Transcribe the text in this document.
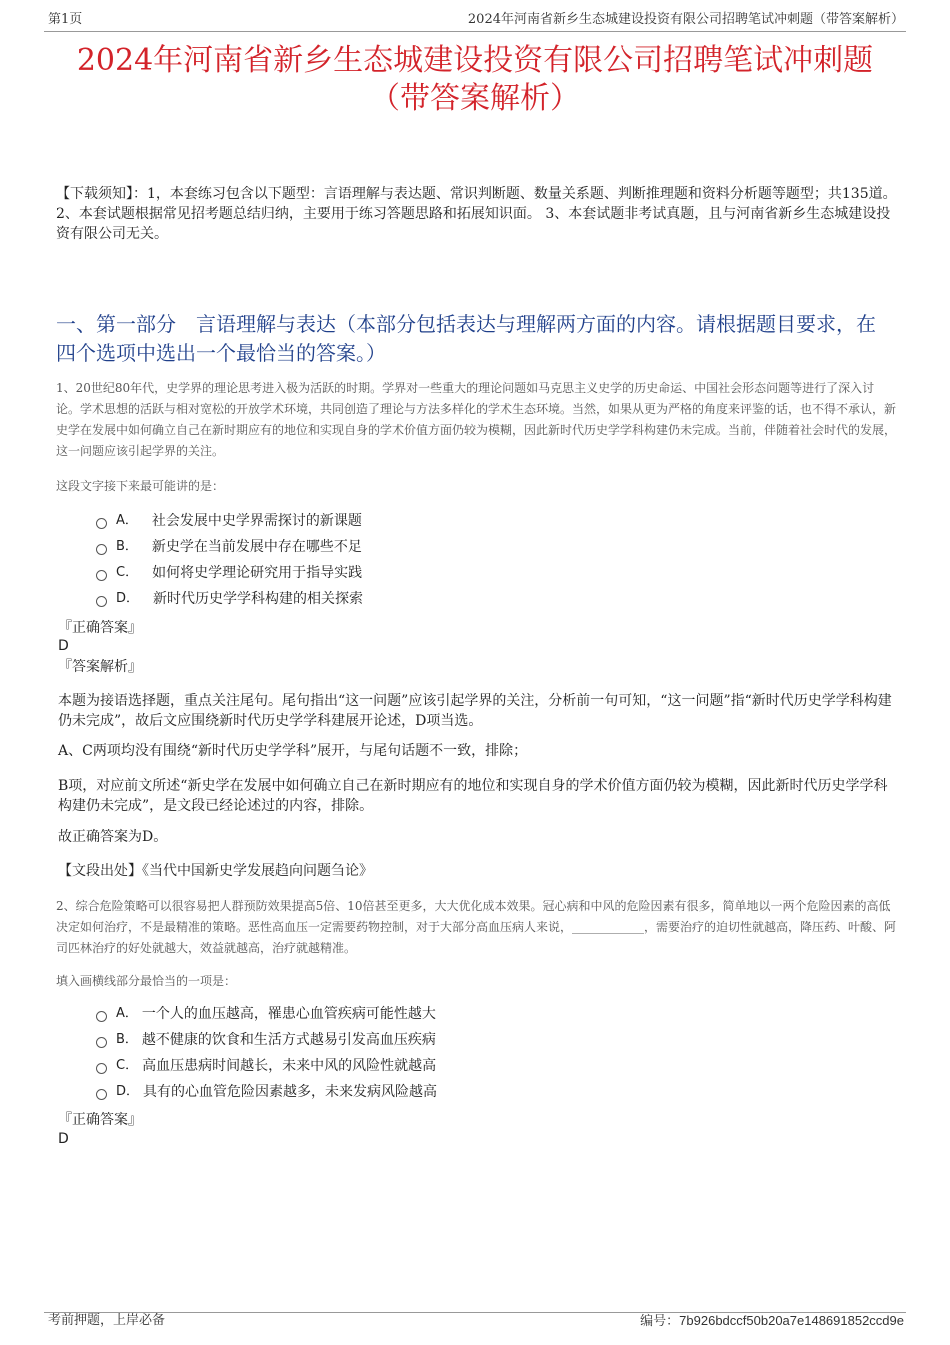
第1页	2024年河南省新乡生态城建设投资有限公司招聘笔试冲刺题（带答案解析）
2024年河南省新乡生态城建设投资有限公司招聘笔试冲刺题
（带答案解析）
【下载须知】：1，本套练习包含以下题型：言语理解与表达题、常识判断题、数量关系题、判断推理题和资料分析题等题型；共135道。 2、本套试题根据常见招考题总结归纳，主要用于练习答题思路和拓展知识面。 3、本套试题非考试真题，且与河南省新乡生态城建设投资有限公司无关。
一、第一部分　言语理解与表达（本部分包括表达与理解两方面的内容。请根据题目要求，在四个选项中选出一个最恰当的答案。）
1、20世纪80年代，史学界的理论思考进入极为活跃的时期。学界对一些重大的理论问题如马克思主义史学的历史命运、中国社会形态问题等进行了深入讨论。学术思想的活跃与相对宽松的开放学术环境，共同创造了理论与方法多样化的学术生态环境。当然，如果从更为严格的角度来评鉴的话，也不得不承认，新史学在发展中如何确立自己在新时期应有的地位和实现自身的学术价值方面仍较为模糊，因此新时代历史学学科构建仍未完成。当前，伴随着社会时代的发展，这一问题应该引起学界的关注。
这段文字接下来最可能讲的是：
A． 社会发展中史学界需探讨的新课题
B． 新史学在当前发展中存在哪些不足
C． 如何将史学理论研究用于指导实践
D． 新时代历史学学科构建的相关探索
『正确答案』
D
『答案解析』
本题为接语选择题，重点关注尾句。尾句指出“这一问题”应该引起学界的关注，分析前一句可知，“这一问题”指“新时代历史学学科构建仍未完成”，故后文应围绕新时代历史学学科建展开论述，D项当选。
A、C两项均没有围绕“新时代历史学学科”展开，与尾句话题不一致，排除；
B项，对应前文所述“新史学在发展中如何确立自己在新时期应有的地位和实现自身的学术价值方面仍较为模糊，因此新时代历史学学科构建仍未完成”，是文段已经论述过的内容，排除。
故正确答案为D。
【文段出处】《当代中国新史学发展趋向问题刍论》
2、综合危险策略可以很容易把人群预防效果提高5倍、10倍甚至更多，大大优化成本效果。冠心病和中风的危险因素有很多，简单地以一两个危险因素的高低决定如何治疗，不是最精准的策略。恶性高血压一定需要药物控制，对于大部分高血压病人来说，____________，需要治疗的迫切性就越高，降压药、叶酸、阿司匹林治疗的好处就越大，效益就越高，治疗就越精准。
填入画横线部分最恰当的一项是：
A． 一个人的血压越高，罹患心血管疾病可能性越大
B． 越不健康的饮食和生活方式越易引发高血压疾病
C． 高血压患病时间越长，未来中风的风险性就越高
D． 具有的心血管危险因素越多，未来发病风险越高
『正确答案』
D
考前押题，上岸必备	编号：7b926bdccf50b20a7e148691852ccd9e
